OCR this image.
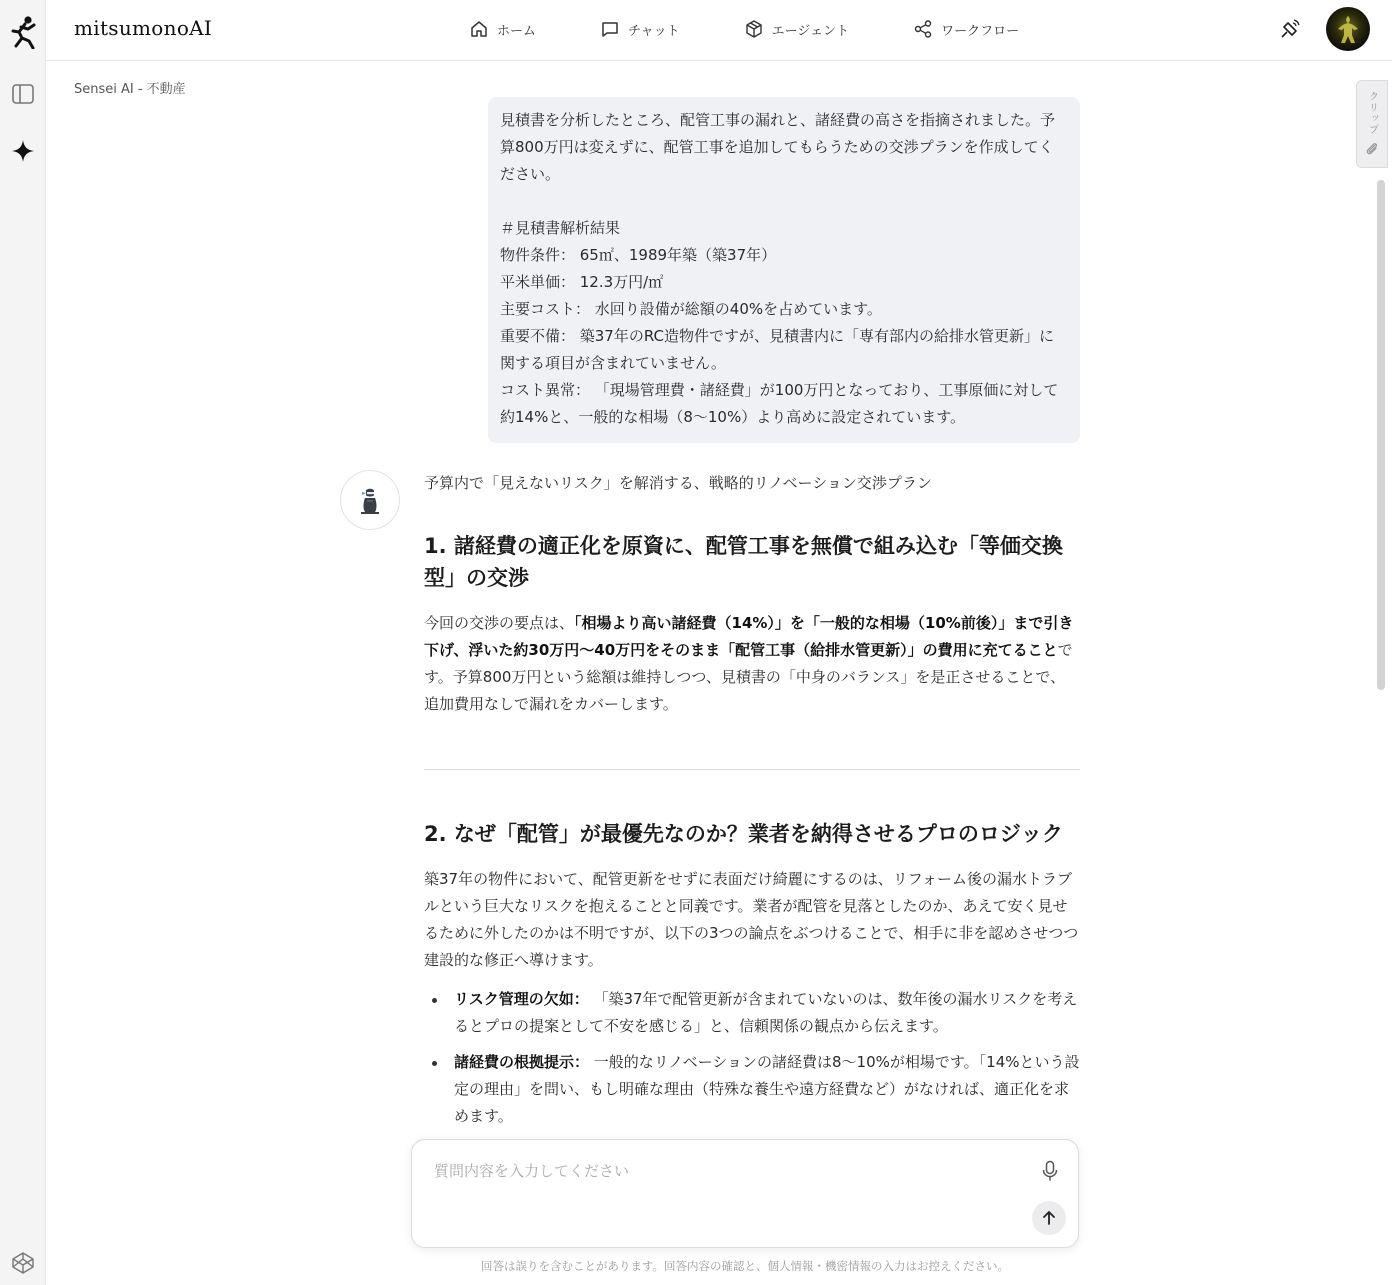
mitsumonoAI	ホーム	チャット	エージェント	ワークフロー
Sensei AI - 不動産

見積書を分析したところ、配管工事の漏れと、諸経費の高さを指摘されました。予算800万円は変えずに、配管工事を追加してもらうための交渉プランを作成してください。

＃見積書解析結果
物件条件： 65㎡、1989年築（築37年）
平米単価： 12.3万円/㎡
主要コスト： 水回り設備が総額の40%を占めています。
重要不備： 築37年のRC造物件ですが、見積書内に「専有部内の給排水管更新」に関する項目が含まれていません。
コスト異常： 「現場管理費・諸経費」が100万円となっており、工事原価に対して約14%と、一般的な相場（8〜10%）より高めに設定されています。

予算内で「見えないリスク」を解消する、戦略的リノベーション交渉プラン
1. 諸経費の適正化を原資に、配管工事を無償で組み込む「等価交換型」の交渉
今回の交渉の要点は、「相場より高い諸経費（14%）」を「一般的な相場（10%前後）」まで引き下げ、浮いた約30万円〜40万円をそのまま「配管工事（給排水管更新）」の費用に充てることです。予算800万円という総額は維持しつつ、見積書の「中身のバランス」を是正させることで、追加費用なしで漏れをカバーします。
2. なぜ「配管」が最優先なのか？業者を納得させるプロのロジック
築37年の物件において、配管更新をせずに表面だけ綺麗にするのは、リフォーム後の漏水トラブルという巨大なリスクを抱えることと同義です。業者が配管を見落としたのか、あえて安く見せるために外したのかは不明ですが、以下の3つの論点をぶつけることで、相手に非を認めさせつつ建設的な修正へ導けます。
リスク管理の欠如： 「築37年で配管更新が含まれていないのは、数年後の漏水リスクを考えるとプロの提案として不安を感じる」と、信頼関係の観点から伝えます。
諸経費の根拠提示： 一般的なリノベーションの諸経費は8〜10%が相場です。「14%という設定の理由」を問い、もし明確な理由（特殊な養生や遠方経費など）がなければ、適正化を求めます。
クリップ
質問内容を入力してください
回答は誤りを含むことがあります。回答内容の確認と、個人情報・機密情報の入力はお控えください。
